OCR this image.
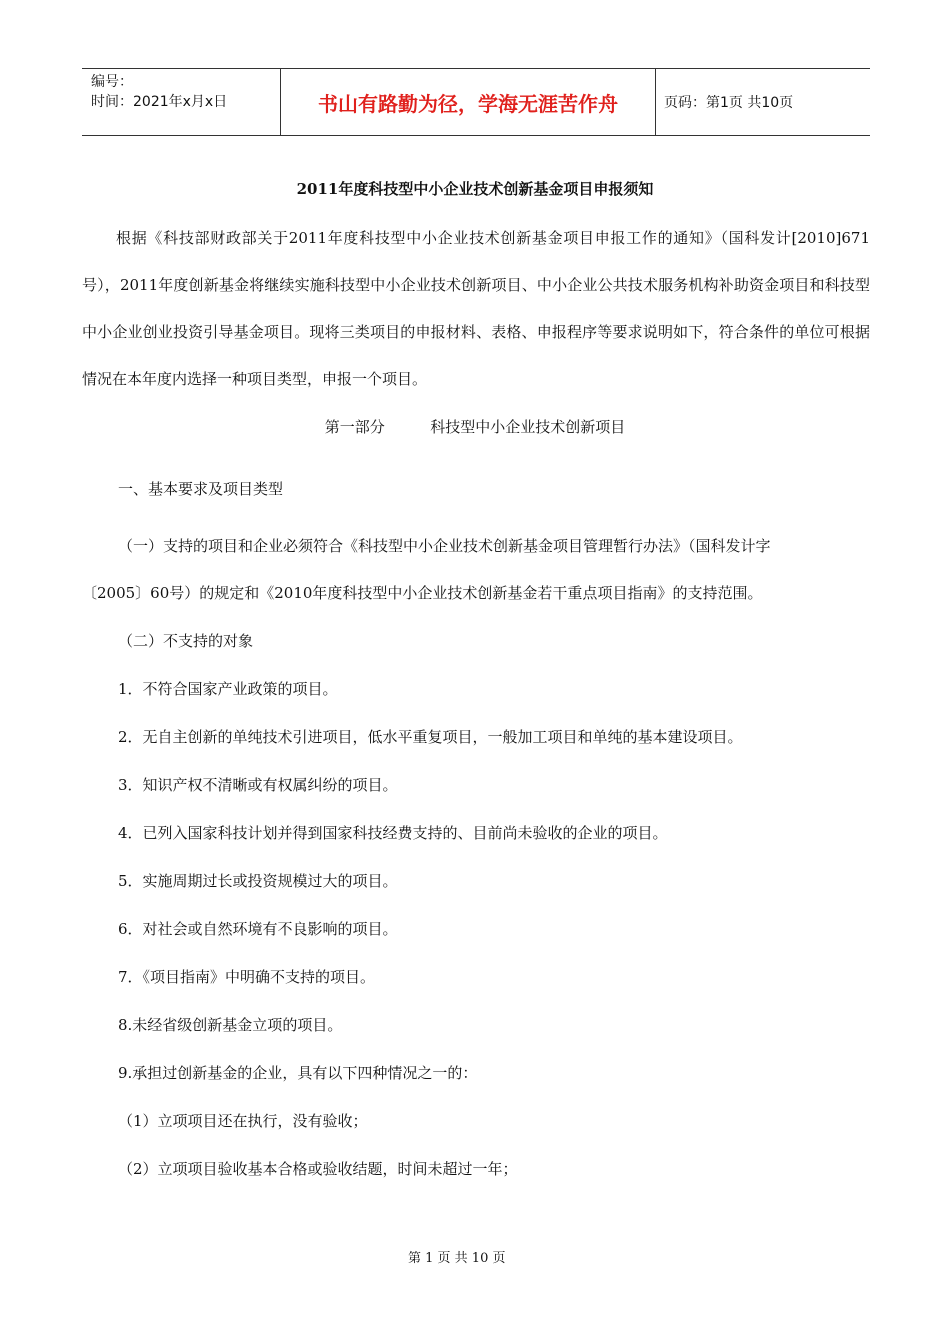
编号：
时间：2021年x月x日	书山有路勤为径，学海无涯苦作舟	页码：第1页 共10页
2011年度科技型中小企业技术创新基金项目申报须知

根据《科技部财政部关于2011年度科技型中小企业技术创新基金项目申报工作的通知》（国科发计[2010]671号），2011年度创新基金将继续实施科技型中小企业技术创新项目、中小企业公共技术服务机构补助资金项目和科技型中小企业创业投资引导基金项目。现将三类项目的申报材料、表格、申报程序等要求说明如下，符合条件的单位可根据情况在本年度内选择一种项目类型，申报一个项目。

第一部分	科技型中小企业技术创新项目
一、基本要求及项目类型
（一）支持的项目和企业必须符合《科技型中小企业技术创新基金项目管理暂行办法》（国科发计字
〔2005〕60号）的规定和《2010年度科技型中小企业技术创新基金若干重点项目指南》的支持范围。
（二）不支持的对象
1．不符合国家产业政策的项目。
2．无自主创新的单纯技术引进项目，低水平重复项目，一般加工项目和单纯的基本建设项目。
3．知识产权不清晰或有权属纠纷的项目。
4．已列入国家科技计划并得到国家科技经费支持的、目前尚未验收的企业的项目。
5．实施周期过长或投资规模过大的项目。
6．对社会或自然环境有不良影响的项目。
7．《项目指南》中明确不支持的项目。
8.未经省级创新基金立项的项目。
9.承担过创新基金的企业，具有以下四种情况之一的：
（1）立项项目还在执行，没有验收；
（2）立项项目验收基本合格或验收结题，时间未超过一年；
第 1 页 共 10 页
